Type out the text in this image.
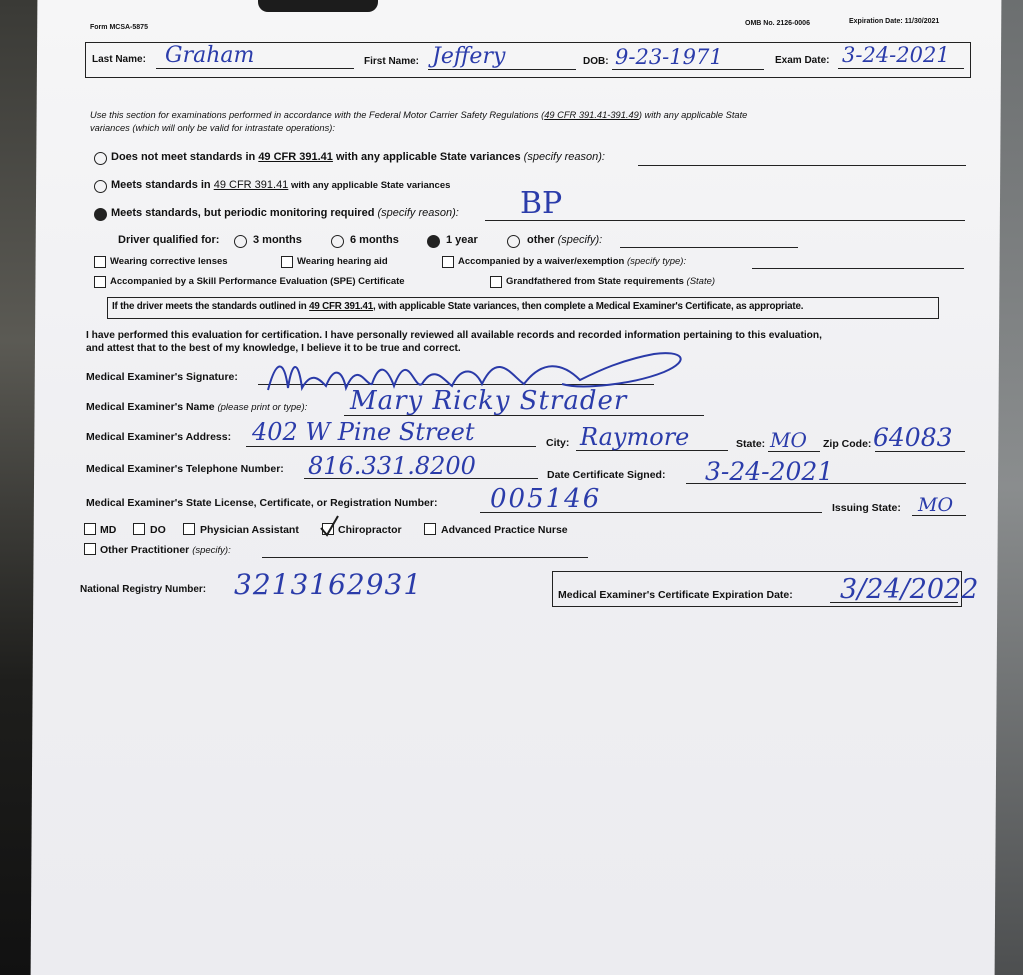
Form MCSA-5875
OMB No. 2126-0006	Expiration Date: 11/30/2021
Last Name: Graham	First Name: Jeffery	DOB: 9-23-1971	Exam Date: 3-24-2021
Use this section for examinations performed in accordance with the Federal Motor Carrier Safety Regulations (49 CFR 391.41-391.49) with any applicable State
variances (which will only be valid for intrastate operations):
Does not meet standards in 49 CFR 391.41 with any applicable State variances (specify reason):
Meets standards in 49 CFR 391.41 with any applicable State variances
Meets standards, but periodic monitoring required (specify reason): BP
Driver qualified for:	3 months	6 months	1 year	other (specify):
Wearing corrective lenses	Wearing hearing aid	Accompanied by a waiver/exemption (specify type):
Accompanied by a Skill Performance Evaluation (SPE) Certificate	Grandfathered from State requirements (State)
If the driver meets the standards outlined in 49 CFR 391.41, with applicable State variances, then complete a Medical Examiner's Certificate, as appropriate.
I have performed this evaluation for certification. I have personally reviewed all available records and recorded information pertaining to this evaluation,
and attest that to the best of my knowledge, I believe it to be true and correct.
Medical Examiner's Signature:
Medical Examiner's Name (please print or type): Mary Ricky Strader
Medical Examiner's Address: 402 W Pine Street	City: Raymore	State: MO Zip Code: 64083
Medical Examiner's Telephone Number: 816.331.8200	Date Certificate Signed: 3-24-2021
Medical Examiner's State License, Certificate, or Registration Number: 005146	Issuing State: MO
MD	DO	Physician Assistant	Chiropractor	Advanced Practice Nurse
Other Practitioner (specify):
National Registry Number: 3213162931	Medical Examiner's Certificate Expiration Date: 3/24/2022
